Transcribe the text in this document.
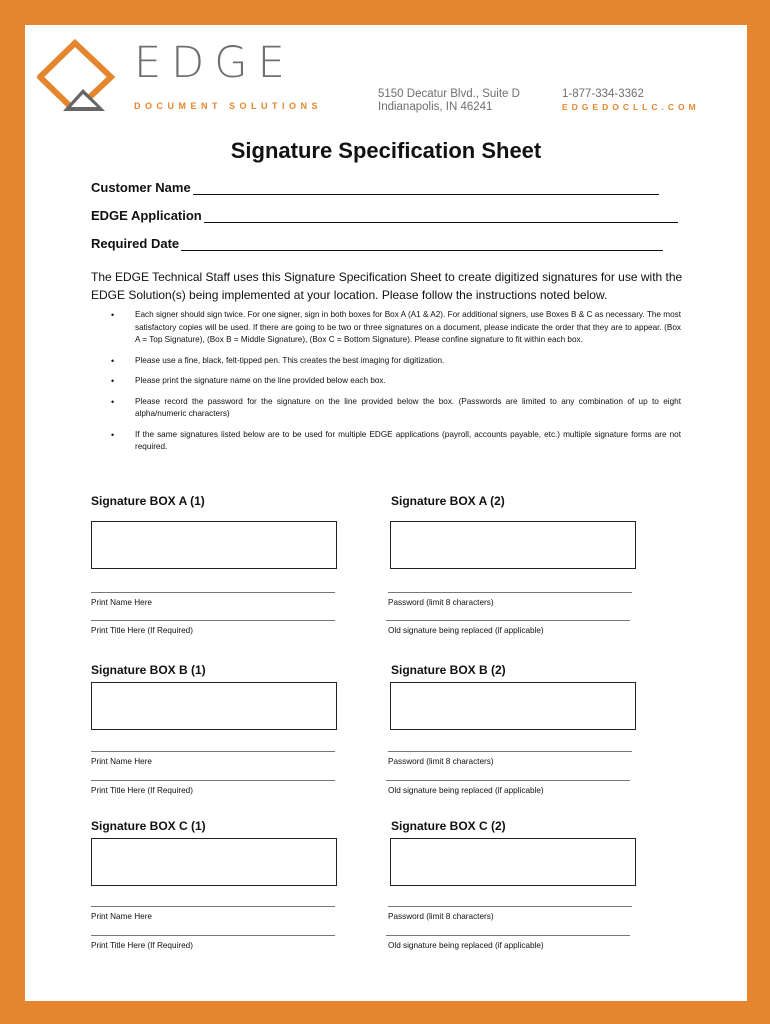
EDGE
DOCUMENT SOLUTIONS
5150 Decatur Blvd., Suite D
Indianapolis, IN 46241
1-877-334-3362
EDGEDOCLLC.COM
Signature Specification Sheet
Customer Name
EDGE Application
Required Date
The EDGE Technical Staff uses this Signature Specification Sheet to create digitized signatures for use with the EDGE Solution(s) being implemented at your location. Please follow the instructions noted below.
•	Each signer should sign twice. For one signer, sign in both boxes for Box A (A1 & A2). For additional signers, use Boxes B & C as necessary. The most satisfactory copies will be used. If there are going to be two or three signatures on a document, please indicate the order that they are to appear. (Box A = Top Signature), (Box B = Middle Signature), (Box C = Bottom Signature). Please confine signature to fit within each box.
•	Please use a fine, black, felt-tipped pen. This creates the best imaging for digitization.
•	Please print the signature name on the line provided below each box.
•	Please record the password for the signature on the line provided below the box. (Passwords are limited to any combination of up to eight alpha/numeric characters)
•	If the same signatures listed below are to be used for multiple EDGE applications (payroll, accounts payable, etc.) multiple signature forms are not required.
Signature BOX A (1)	Signature BOX A (2)
Print Name Here	Password (limit 8 characters)
Print Title Here (If Required)	Old signature being replaced (if applicable)
Signature BOX B (1)	Signature BOX B (2)
Print Name Here	Password (limit 8 characters)
Print Title Here (If Required)	Old signature being replaced (if applicable)
Signature BOX C (1)	Signature BOX C (2)
Print Name Here	Password (limit 8 characters)
Print Title Here (If Required)	Old signature being replaced (if applicable)
